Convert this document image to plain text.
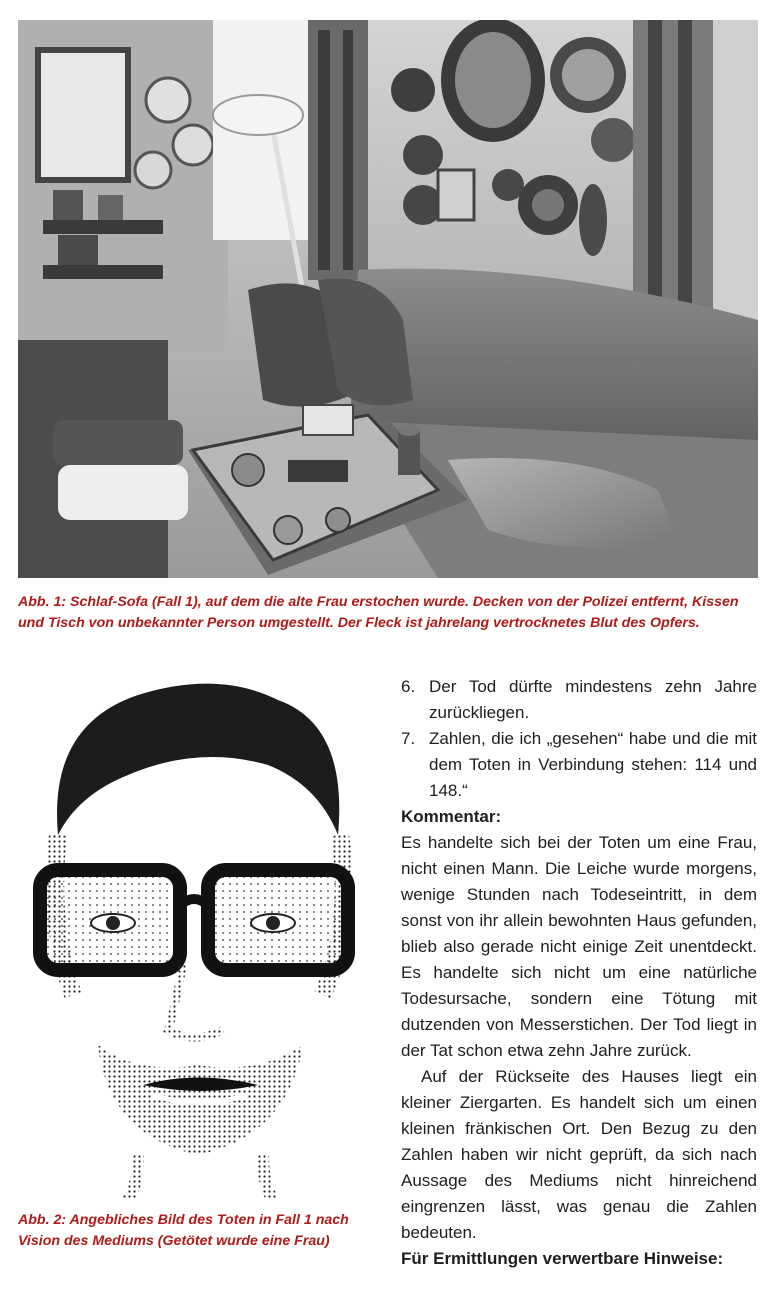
Abb. 1: Schlaf-Sofa (Fall 1), auf dem die alte Frau erstochen wurde. Decken von der Polizei entfernt, Kissen und Tisch von unbekannter Person umgestellt. Der Fleck ist jahrelang vertrocknetes Blut des Opfers.

Abb. 2: Angebliches Bild des Toten in Fall 1 nach Vision des Mediums (Getötet wurde eine Frau)

6. Der Tod dürfte mindestens zehn Jahre zurückliegen.
7. Zahlen, die ich „gesehen“ habe und die mit dem Toten in Verbindung stehen: 114 und 148.“

Kommentar:

Es handelte sich bei der Toten um eine Frau, nicht einen Mann. Die Leiche wurde morgens, wenige Stunden nach Todeseintritt, in dem sonst von ihr allein bewohnten Haus gefunden, blieb also gerade nicht einige Zeit unentdeckt. Es handelte sich nicht um eine natürliche Todesursache, sondern eine Tötung mit dutzenden von Messerstichen. Der Tod liegt in der Tat schon etwa zehn Jahre zurück.

Auf der Rückseite des Hauses liegt ein kleiner Ziergarten. Es handelt sich um einen kleinen fränkischen Ort. Den Bezug zu den Zahlen haben wir nicht geprüft, da sich nach Aussage des Mediums nicht hinreichend eingrenzen lässt, was genau die Zahlen bedeuten.

Für Ermittlungen verwertbare Hinweise:
